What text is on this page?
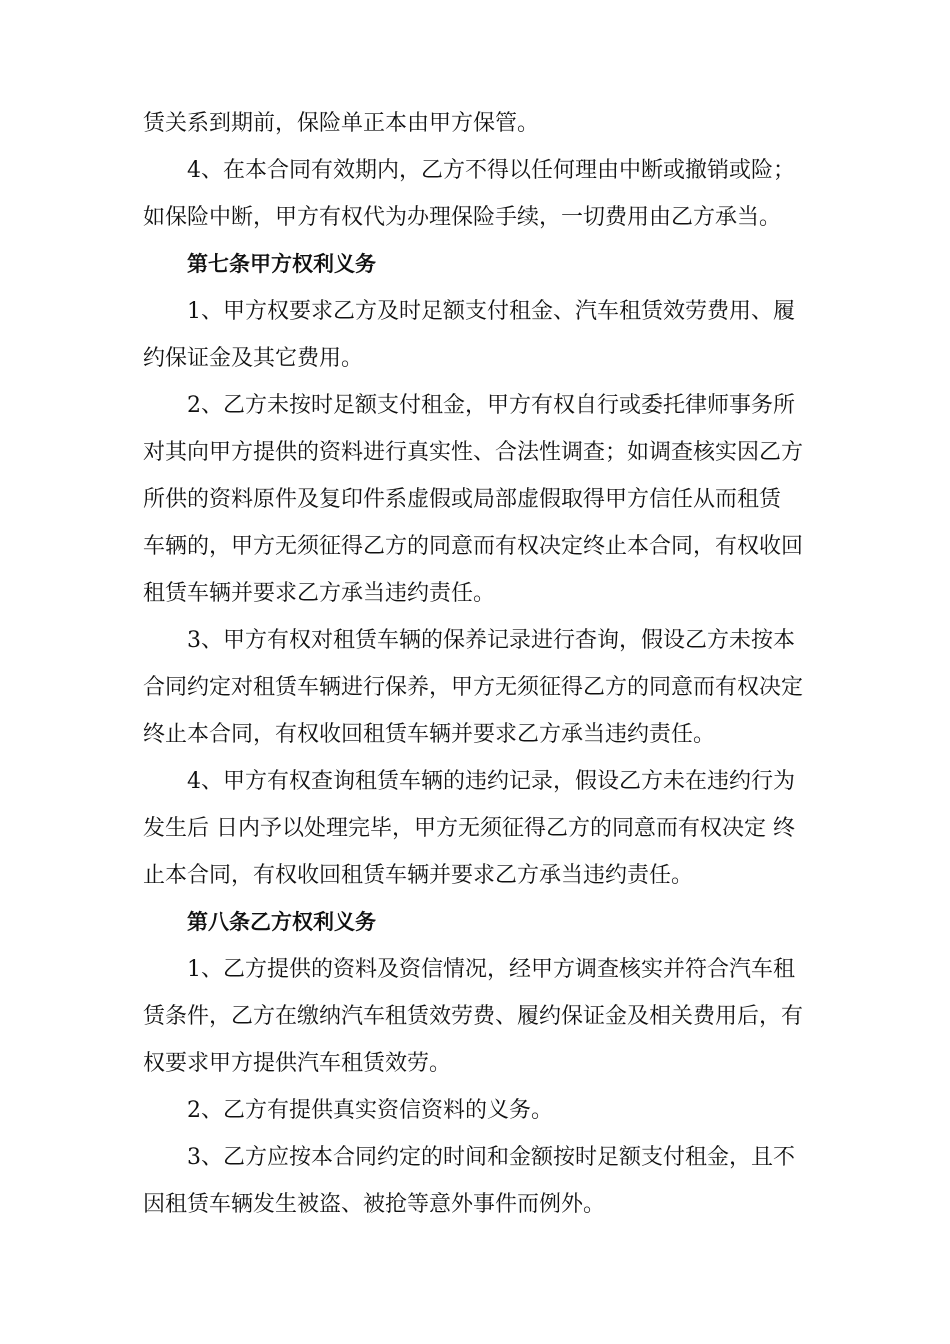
赁关系到期前，保险单正本由甲方保管。
4、在本合同有效期内，乙方不得以任何理由中断或撤销或险；
如保险中断，甲方有权代为办理保险手续，一切费用由乙方承当。
第七条甲方权利义务
1、甲方权要求乙方及时足额支付租金、汽车租赁效劳费用、履
约保证金及其它费用。
2、乙方未按时足额支付租金，甲方有权自行或委托律师事务所
对其向甲方提供的资料进行真实性、合法性调查；如调查核实因乙方
所供的资料原件及复印件系虚假或局部虚假取得甲方信任从而租赁
车辆的，甲方无须征得乙方的同意而有权决定终止本合同，有权收回
租赁车辆并要求乙方承当违约责任。
3、甲方有权对租赁车辆的保养记录进行杳询，假设乙方未按本
合同约定对租赁车辆进行保养，甲方无须征得乙方的同意而有权决定
终止本合同，有权收回租赁车辆并要求乙方承当违约责任。
4、甲方有权查询租赁车辆的违约记录，假设乙方未在违约行为
发生后 日内予以处理完毕，甲方无须征得乙方的同意而有权决定 终
止本合同，有权收回租赁车辆并要求乙方承当违约责任。
第八条乙方权利义务
1、乙方提供的资料及资信情况，经甲方调查核实并符合汽车租
赁条件，乙方在缴纳汽车租赁效劳费、履约保证金及相关费用后，有
权要求甲方提供汽车租赁效劳。
2、乙方有提供真实资信资料的义务。
3、乙方应按本合同约定的时间和金额按时足额支付租金，且不
因租赁车辆发生被盗、被抢等意外事件而例外。
